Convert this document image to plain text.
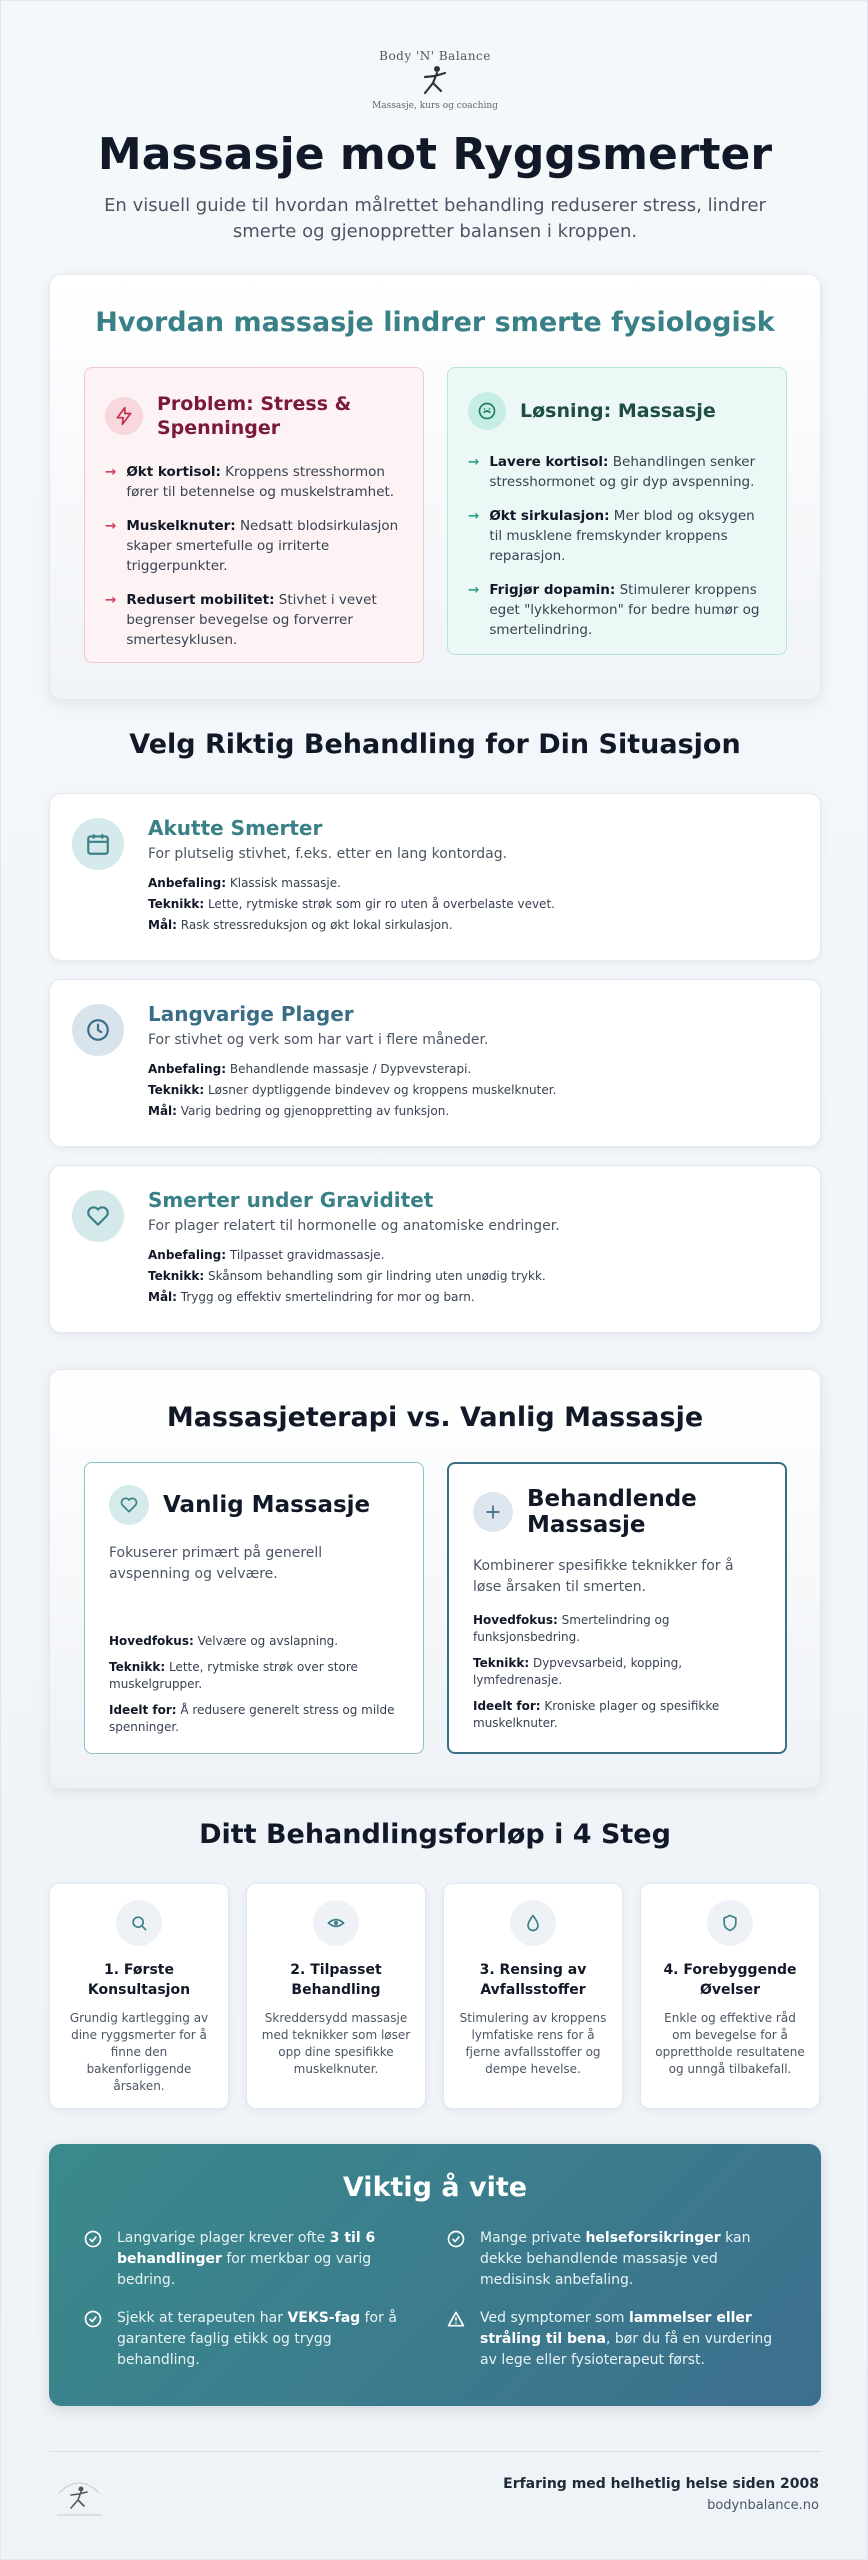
Body 'N' Balance
Massasje, kurs og coaching
Massasje mot Ryggsmerter

En visuell guide til hvordan målrettet behandling reduserer stress, lindrer smerte og gjenoppretter balansen i kroppen.

Hvordan massasje lindrer smerte fysiologisk
Problem: Stress & Spenninger
→ Økt kortisol: Kroppens stresshormon fører til betennelse og muskelstramhet.
→ Muskelknuter: Nedsatt blodsirkulasjon skaper smertefulle og irriterte triggerpunkter.
→ Redusert mobilitet: Stivhet i vevet begrenser bevegelse og forverrer smertesyklusen.
Løsning: Massasje
→ Lavere kortisol: Behandlingen senker stresshormonet og gir dyp avspenning.
→ Økt sirkulasjon: Mer blod og oksygen til musklene fremskynder kroppens reparasjon.
→ Frigjør dopamin: Stimulerer kroppens eget "lykkehormon" for bedre humør og smertelindring.
Velg Riktig Behandling for Din Situasjon
Akutte Smerter
For plutselig stivhet, f.eks. etter en lang kontordag.
Anbefaling: Klassisk massasje.
Teknikk: Lette, rytmiske strøk som gir ro uten å overbelaste vevet.
Mål: Rask stressreduksjon og økt lokal sirkulasjon.
Langvarige Plager
For stivhet og verk som har vart i flere måneder.
Anbefaling: Behandlende massasje / Dypvevsterapi.
Teknikk: Løsner dyptliggende bindevev og kroppens muskelknuter.
Mål: Varig bedring og gjenoppretting av funksjon.
Smerter under Graviditet
For plager relatert til hormonelle og anatomiske endringer.
Anbefaling: Tilpasset gravidmassasje.
Teknikk: Skånsom behandling som gir lindring uten unødig trykk.
Mål: Trygg og effektiv smertelindring for mor og barn.
Massasjeterapi vs. Vanlig Massasje
Vanlig Massasje
Fokuserer primært på generell avspenning og velvære.
Hovedfokus: Velvære og avslapning.
Teknikk: Lette, rytmiske strøk over store muskelgrupper.
Ideelt for: Å redusere generelt stress og milde spenninger.
Behandlende Massasje
Kombinerer spesifikke teknikker for å løse årsaken til smerten.
Hovedfokus: Smertelindring og funksjonsbedring.
Teknikk: Dypvevsarbeid, kopping, lymfedrenasje.
Ideelt for: Kroniske plager og spesifikke muskelknuter.
Ditt Behandlingsforløp i 4 Steg
1. Første Konsultasjon
Grundig kartlegging av dine ryggsmerter for å finne den bakenforliggende årsaken.
2. Tilpasset Behandling
Skreddersydd massasje med teknikker som løser opp dine spesifikke muskelknuter.
3. Rensing av Avfallsstoffer
Stimulering av kroppens lymfatiske rens for å fjerne avfallsstoffer og dempe hevelse.
4. Forebyggende Øvelser
Enkle og effektive råd om bevegelse for å opprettholde resultatene og unngå tilbakefall.
Viktig å vite
Langvarige plager krever ofte 3 til 6 behandlinger for merkbar og varig bedring.
Mange private helseforsikringer kan dekke behandlende massasje ved medisinsk anbefaling.
Sjekk at terapeuten har VEKS-fag for å garantere faglig etikk og trygg behandling.
Ved symptomer som lammelser eller stråling til bena, bør du få en vurdering av lege eller fysioterapeut først.
Erfaring med helhetlig helse siden 2008
bodynbalance.no
